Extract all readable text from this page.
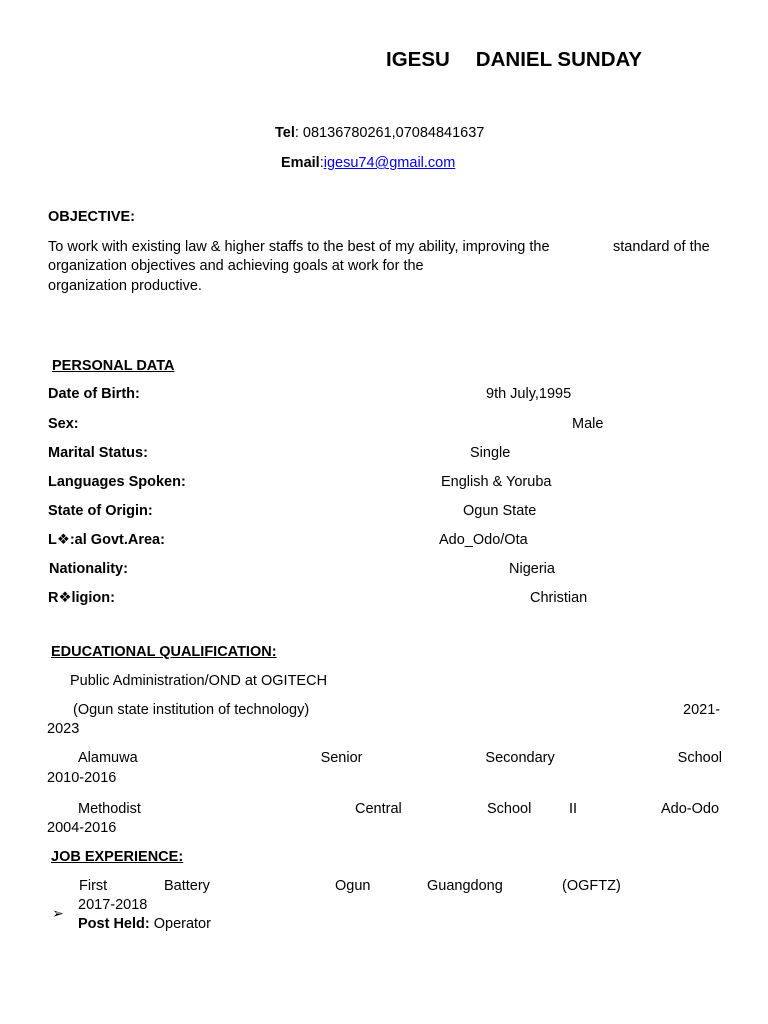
IGESU DANIEL SUNDAY
Tel: 08136780261,07084841637
Email:igesu74@gmail.com
OBJECTIVE:
To work with existing law & higher staffs to the best of my ability, improving the	standard of the
organization objectives and achieving goals at work for the
organization productive.
PERSONAL DATA
Date of Birth:	9th July,1995
Sex:	Male
Marital Status:	Single
Languages Spoken:	English & Yoruba
State of Origin:	Ogun State
L❖:al Govt.Area:	Ado_Odo/Ota
Nationality:	Nigeria
R❖ligion:	Christian
EDUCATIONAL QUALIFICATION:
Public Administration/OND at OGITECH
(Ogun state institution of technology)	2021-
2023
Alamuwa	Senior	Secondary	School
2010-2016
Methodist	Central	School	II	Ado-Odo
2004-2016
JOB EXPERIENCE:
First	Battery	Ogun	Guangdong	(OGFTZ)
➢ 2017-2018
Post Held: Operator
